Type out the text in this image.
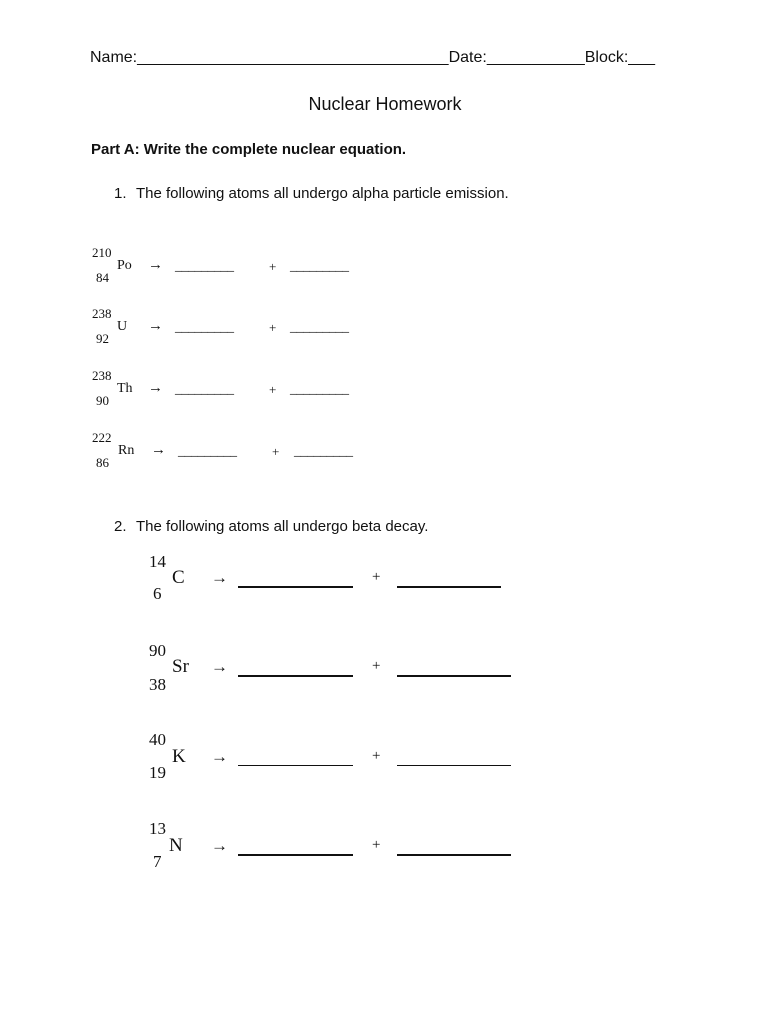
Name:___________________________________Date:___________Block:___
Nuclear Homework
Part A: Write the complete nuclear equation.
1. The following atoms all undergo alpha particle emission.
210
Po
84
→ _________	+ _________
238
U
92
→ _________	+ _________
238
Th
90
→ _________	+ _________
222
Rn
86
→ _________	+ _________
2. The following atoms all undergo beta decay.
14
C
6
→	+
90
Sr
38
→	+
40
K
19
→	+
13
N
7
→	+
